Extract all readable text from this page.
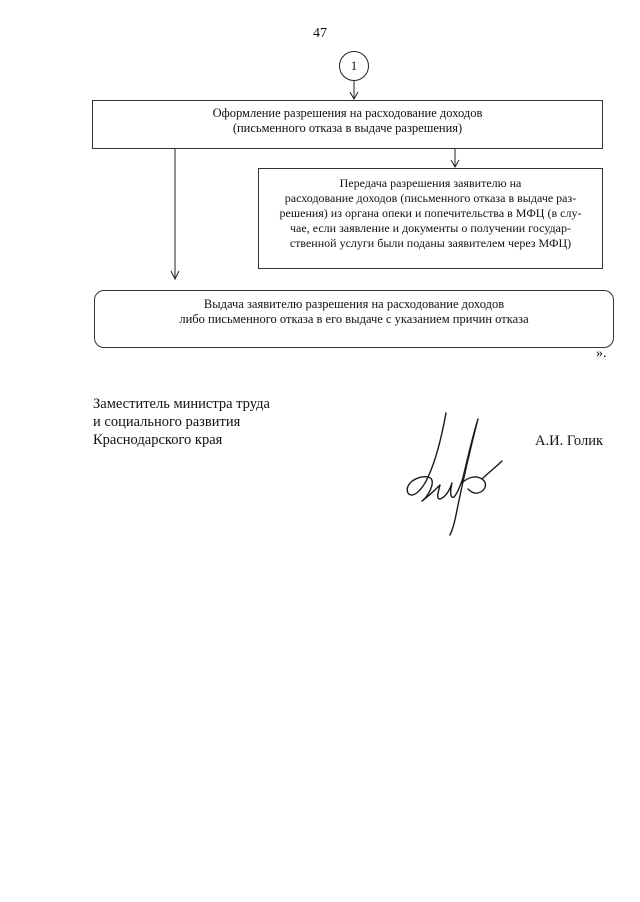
47
1
Оформление разрешения на расходование доходов
(письменного отказа в выдаче разрешения)
Передача разрешения заявителю на
расходование доходов (письменного отказа в выдаче раз-
решения) из органа опеки и попечительства в МФЦ (в слу-
чае, если заявление и документы о получении государ-
ственной услуги были поданы заявителем через МФЦ)
Выдача заявителю разрешения на расходование доходов
либо письменного отказа в его выдаче с указанием причин отказа
».
Заместитель министра труда
и социального развития
Краснодарского края	А.И. Голик
